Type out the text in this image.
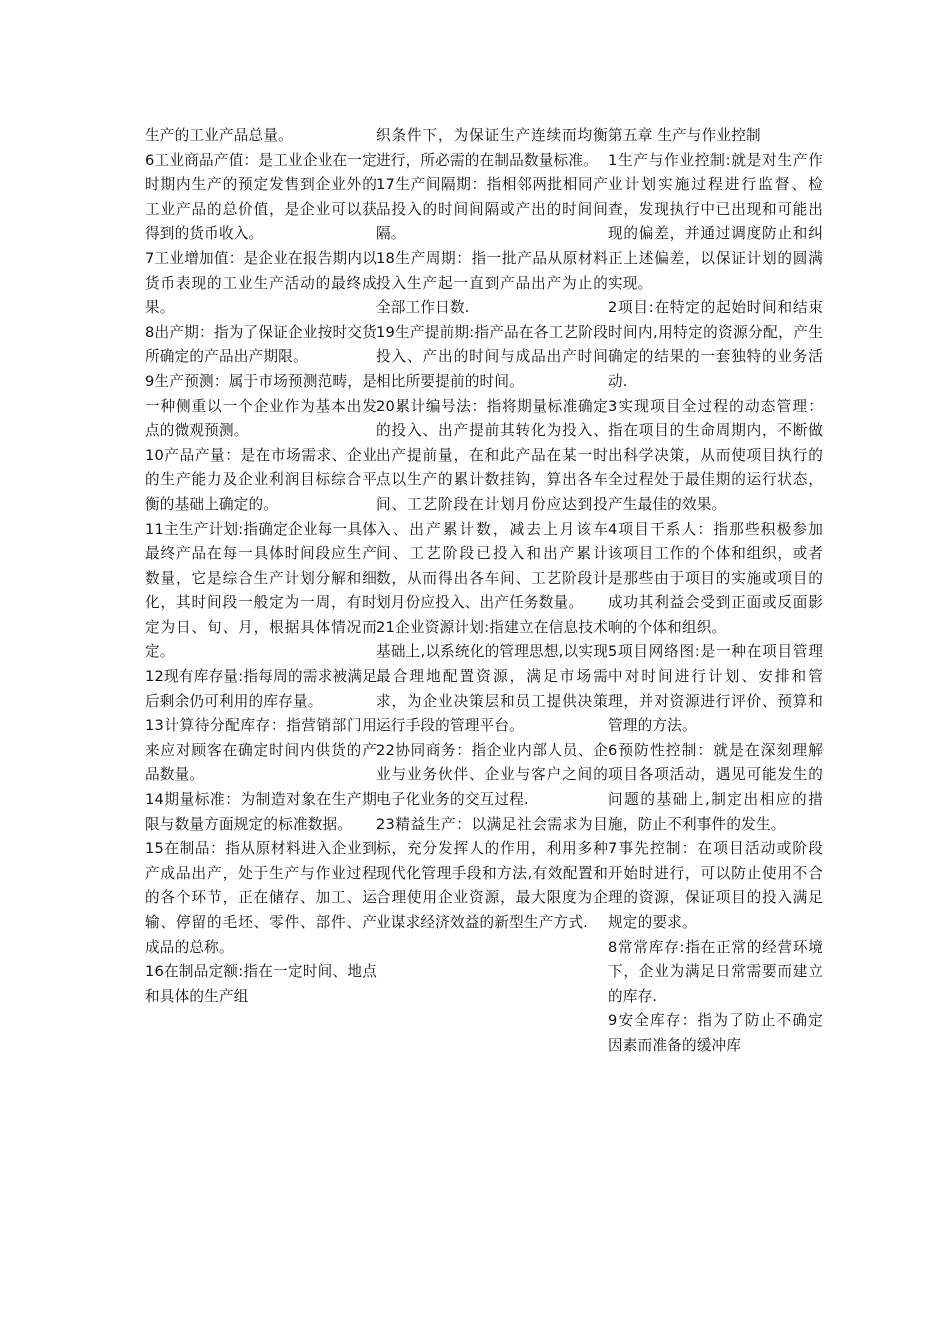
生产的工业产品总量。

6工业商品产值：是工业企业在一定时期内生产的预定发售到企业外的工业产品的总价值，是企业可以获得到的货币收入。

7工业增加值：是企业在报告期内以货币表现的工业生产活动的最终成果。

8出产期：指为了保证企业按时交货所确定的产品出产期限。

9生产预测：属于市场预测范畴，是一种侧重以一个企业作为基本出发点的微观预测。

10产品产量：是在市场需求、企业的生产能力及企业利润目标综合平衡的基础上确定的。

11主生产计划:指确定企业每一具体最终产品在每一具体时间段应生产数量，它是综合生产计划分解和细化，其时间段一般定为一周，有时定为日、旬、月，根据具体情况而定。

12现有库存量:指每周的需求被满足后剩余仍可利用的库存量。

13计算待分配库存：指营销部门用来应对顾客在确定时间内供货的产品数量。

14期量标准：为制造对象在生产期限与数量方面规定的标准数据。

15在制品：指从原材料进入企业到产成品出产，处于生产与作业过程的各个环节，正在储存、加工、运输、停留的毛坯、零件、部件、产成品的总称。

16在制品定额:指在一定时间、地点和具体的生产组

织条件下，为保证生产连续而均衡进行，所必需的在制品数量标准。

17生产间隔期：指相邻两批相同产品投入的时间间隔或产出的时间间隔。

18生产周期：指一批产品从原材料投入生产起一直到产品出产为止的全部工作日数.

19生产提前期:指产品在各工艺阶段投入、产出的时间与成品出产时间相比所要提前的时间。

20累计编号法：指将期量标准确定的投入、出产提前其转化为投入、出产提前量，在和此产品在某一时点以生产的累计数挂钩，算出各车间、工艺阶段在计划月份应达到投入、出产累计数，减去上月该车间、工艺阶段已投入和出产累计数，从而得出各车间、工艺阶段计划月份应投入、出产任务数量。

21企业资源计划:指建立在信息技术基础上,以系统化的管理思想,以实现最合理地配置资源，满足市场需求，为企业决策层和员工提供决策运行手段的管理平台。

22协同商务：指企业内部人员、企业与业务伙伴、企业与客户之间的电子化业务的交互过程.

23精益生产：以满足社会需求为目标，充分发挥人的作用，利用多种现代化管理手段和方法,有效配置和合理使用企业资源，最大限度为企业谋求经济效益的新型生产方式.

第五章 生产与作业控制

1生产与作业控制:就是对生产作业计划实施过程进行监督、检查，发现执行中已出现和可能出现的偏差，并通过调度防止和纠正上述偏差，以保证计划的圆满实现。

2项目:在特定的起始时间和结束时间内,用特定的资源分配，产生确定的结果的一套独特的业务活动.

3实现项目全过程的动态管理：指在项目的生命周期内，不断做出科学决策，从而使项目执行的全过程处于最佳期的运行状态，产生最佳的效果。

4项目干系人：指那些积极参加该项目工作的个体和组织，或者是那些由于项目的实施或项目的成功其利益会受到正面或反面影响的个体和组织。

5项目网络图:是一种在项目管理中对时间进行计划、安排和管理，并对资源进行评价、预算和管理的方法。

6预防性控制：就是在深刻理解项目各项活动，遇见可能发生的问题的基础上,制定出相应的措施，防止不利事件的发生。

7事先控制：在项目活动或阶段开始时进行，可以防止使用不合理的资源，保证项目的投入满足规定的要求。

8常常库存:指在正常的经营环境下，企业为满足日常需要而建立的库存.

9安全库存：指为了防止不确定因素而准备的缓冲库
